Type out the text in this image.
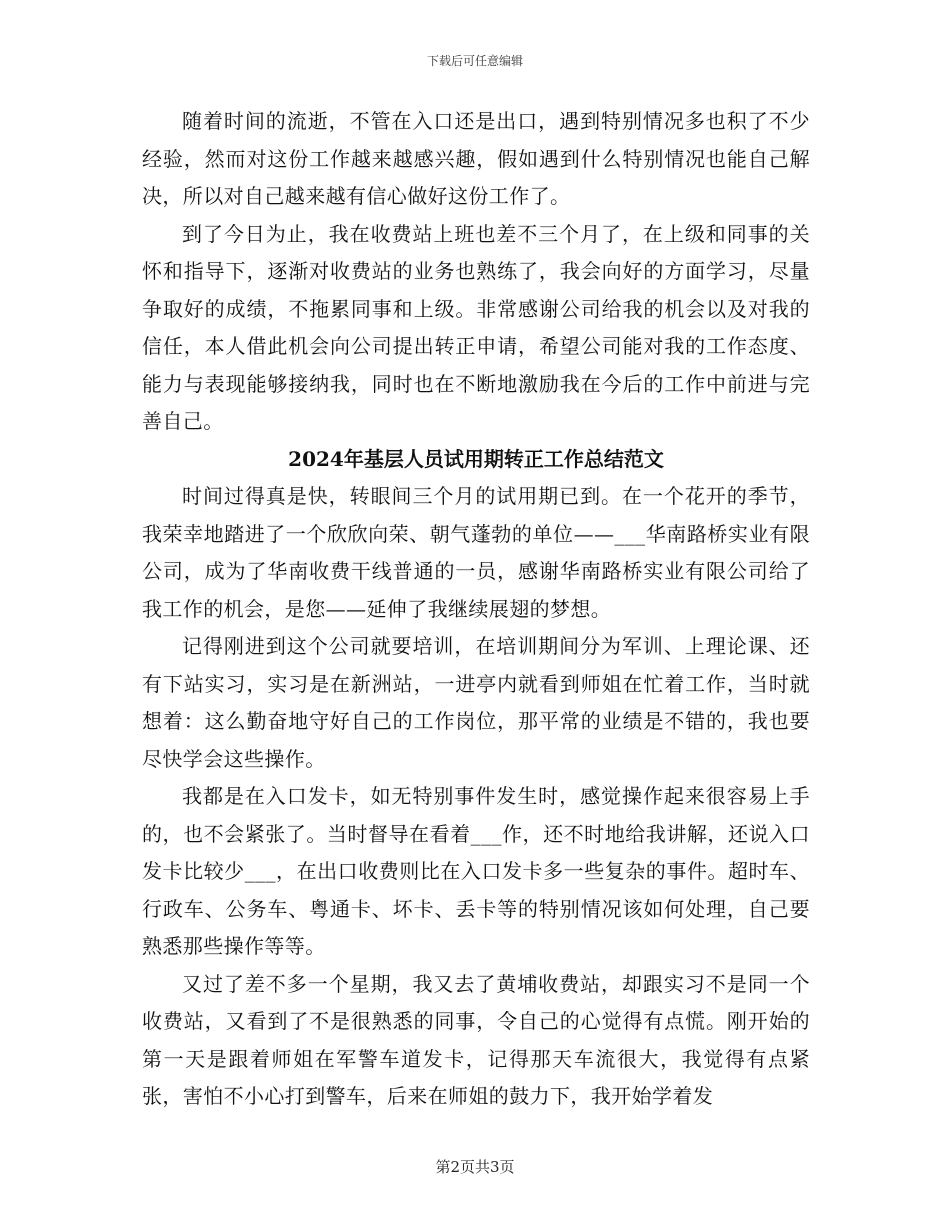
下载后可任意编辑

随着时间的流逝，不管在入口还是出口，遇到特别情况多也积了不少经验，然而对这份工作越来越感兴趣，假如遇到什么特别情况也能自己解决，所以对自己越来越有信心做好这份工作了。

到了今日为止，我在收费站上班也差不三个月了，在上级和同事的关怀和指导下，逐渐对收费站的业务也熟练了，我会向好的方面学习，尽量争取好的成绩，不拖累同事和上级。非常感谢公司给我的机会以及对我的信任，本人借此机会向公司提出转正申请，希望公司能对我的工作态度、能力与表现能够接纳我，同时也在不断地激励我在今后的工作中前进与完善自己。

2024年基层人员试用期转正工作总结范文

时间过得真是快，转眼间三个月的试用期已到。在一个花开的季节，我荣幸地踏进了一个欣欣向荣、朝气蓬勃的单位——___华南路桥实业有限公司，成为了华南收费干线普通的一员，感谢华南路桥实业有限公司给了我工作的机会，是您——延伸了我继续展翅的梦想。

记得刚进到这个公司就要培训，在培训期间分为军训、上理论课、还有下站实习，实习是在新洲站，一进亭内就看到师姐在忙着工作，当时就想着：这么勤奋地守好自己的工作岗位，那平常的业绩是不错的，我也要尽快学会这些操作。

我都是在入口发卡，如无特别事件发生时，感觉操作起来很容易上手的，也不会紧张了。当时督导在看着___作，还不时地给我讲解，还说入口发卡比较少___，在出口收费则比在入口发卡多一些复杂的事件。超时车、行政车、公务车、粤通卡、坏卡、丢卡等的特别情况该如何处理，自己要熟悉那些操作等等。

又过了差不多一个星期，我又去了黄埔收费站，却跟实习不是同一个收费站，又看到了不是很熟悉的同事，令自己的心觉得有点慌。刚开始的第一天是跟着师姐在军警车道发卡，记得那天车流很大，我觉得有点紧张，害怕不小心打到警车，后来在师姐的鼓力下，我开始学着发

第2页共3页
